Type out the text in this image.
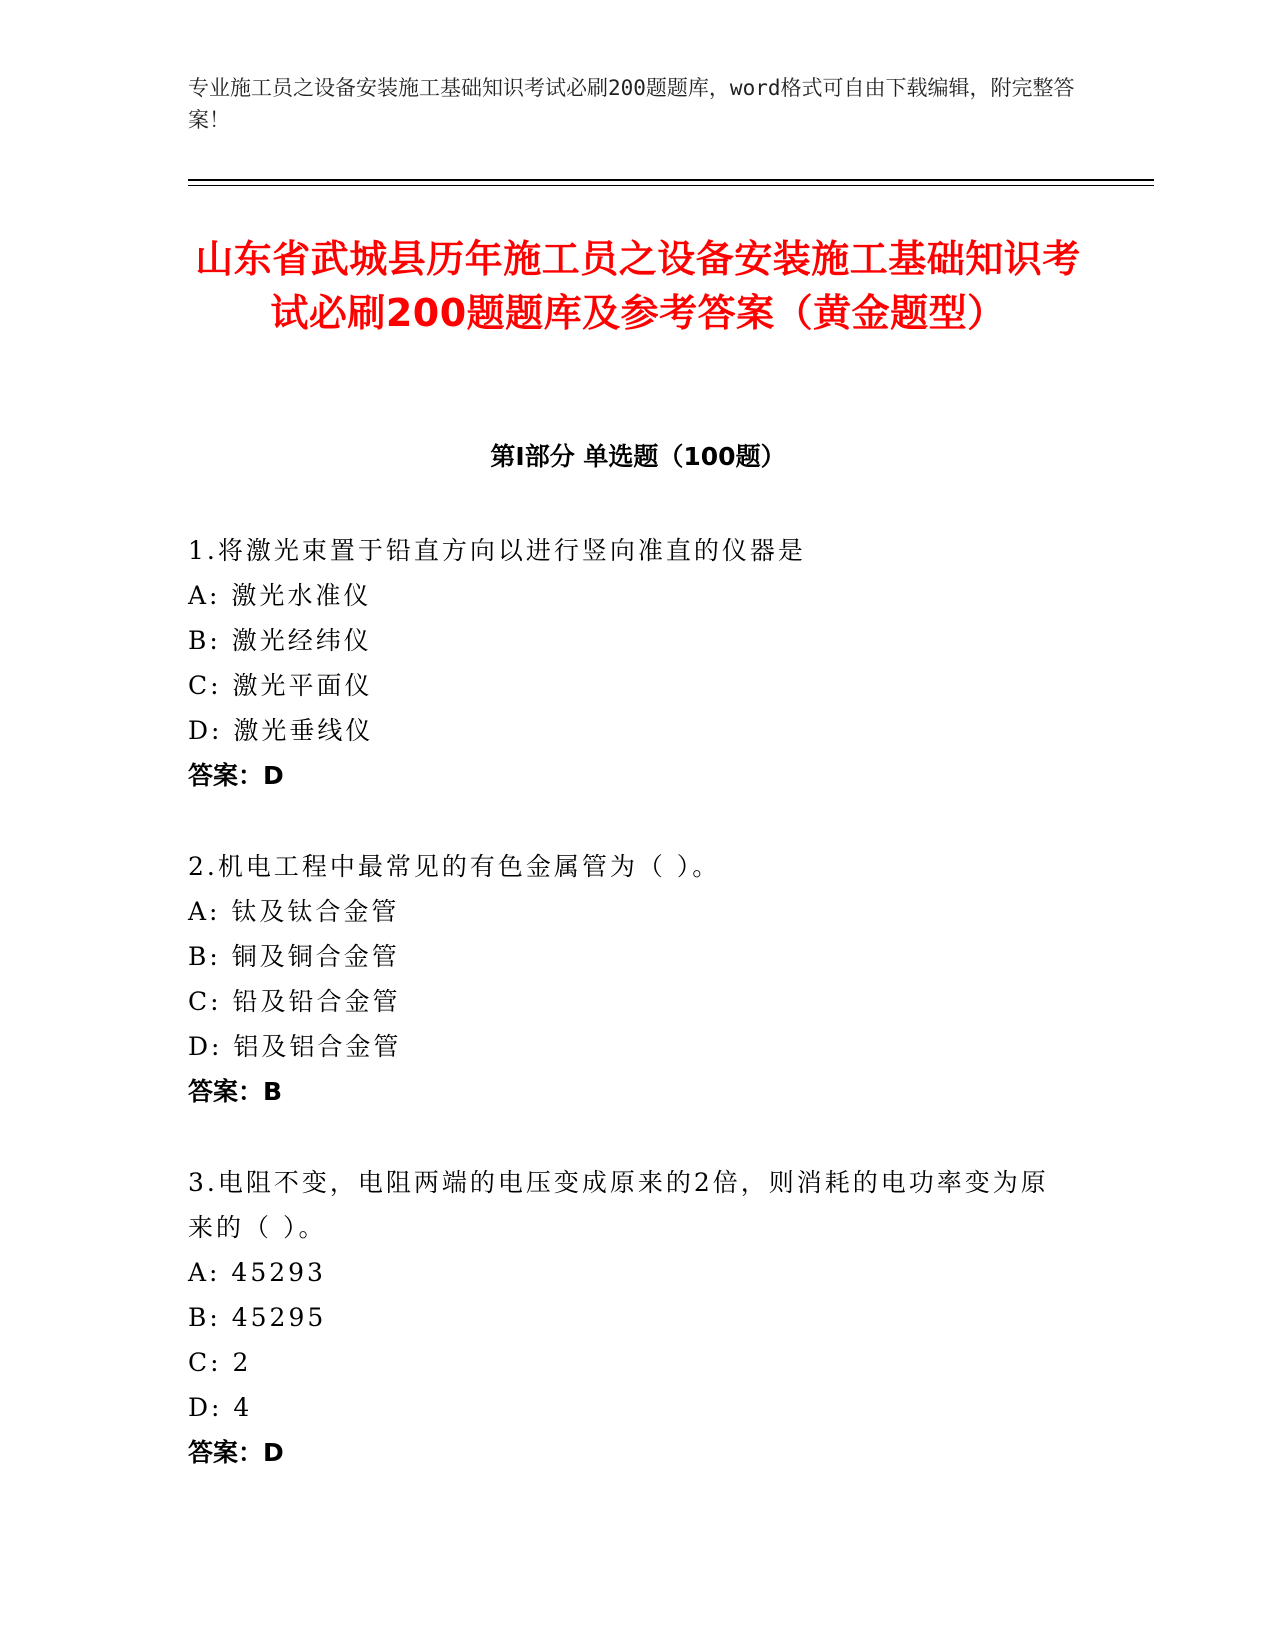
专业施工员之设备安装施工基础知识考试必刷200题题库，word格式可自由下载编辑，附完整答案！
山东省武城县历年施工员之设备安装施工基础知识考试必刷200题题库及参考答案（黄金题型）
第I部分 单选题（100题）
1.将激光束置于铅直方向以进行竖向准直的仪器是
A: 激光水准仪
B: 激光经纬仪
C: 激光平面仪
D: 激光垂线仪
答案：D
2.机电工程中最常见的有色金属管为（ ）。
A: 钛及钛合金管
B: 铜及铜合金管
C: 铅及铅合金管
D: 铝及铝合金管
答案：B
3.电阻不变，电阻两端的电压变成原来的2倍，则消耗的电功率变为原来的（ ）。
A: 45293
B: 45295
C: 2
D: 4
答案：D
